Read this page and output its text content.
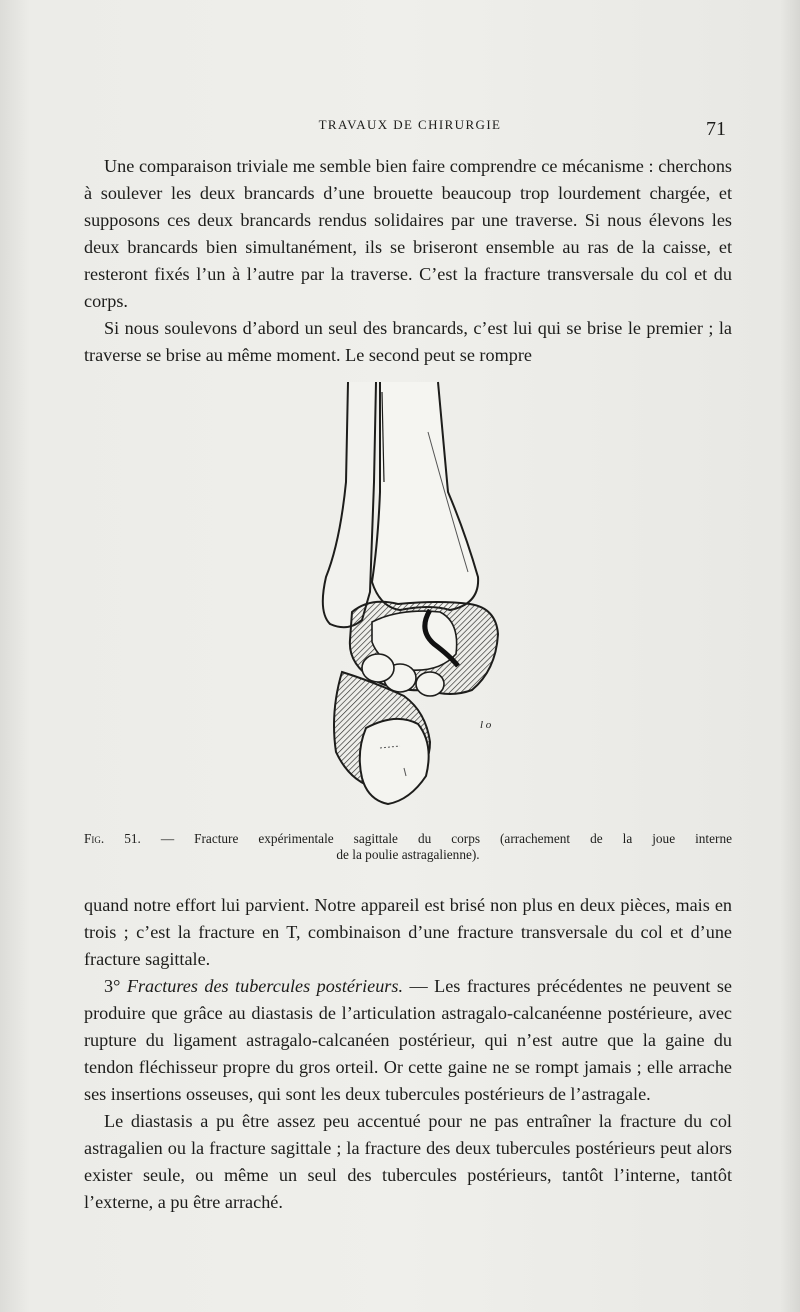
TRAVAUX DE CHIRURGIE	71

Une comparaison triviale me semble bien faire comprendre ce mécanisme : cherchons à soulever les deux brancards d’une brouette beaucoup trop lourdement chargée, et supposons ces deux brancards rendus solidaires par une traverse. Si nous élevons les deux brancards bien simultanément, ils se briseront ensemble au ras de la caisse, et resteront fixés l’un à l’autre par la traverse. C’est la fracture transversale du col et du corps.

Si nous soulevons d’abord un seul des brancards, c’est lui qui se brise le premier ; la traverse se brise au même moment. Le second peut se rompre

l o
Fig. 51. — Fracture expérimentale sagittale du corps (arrachement de la joue interne
de la poulie astragalienne).

quand notre effort lui parvient. Notre appareil est brisé non plus en deux pièces, mais en trois ; c’est la fracture en T, combinaison d’une fracture transversale du col et d’une fracture sagittale.

3° Fractures des tubercules postérieurs. — Les fractures précédentes ne peuvent se produire que grâce au diastasis de l’articulation astragalo-calcanéenne postérieure, avec rupture du ligament astragalo-calcanéen postérieur, qui n’est autre que la gaine du tendon fléchisseur propre du gros orteil. Or cette gaine ne se rompt jamais ; elle arrache ses insertions osseuses, qui sont les deux tubercules postérieurs de l’astragale.

Le diastasis a pu être assez peu accentué pour ne pas entraîner la fracture du col astragalien ou la fracture sagittale ; la fracture des deux tubercules postérieurs peut alors exister seule, ou même un seul des tubercules postérieurs, tantôt l’interne, tantôt l’externe, a pu être arraché.
